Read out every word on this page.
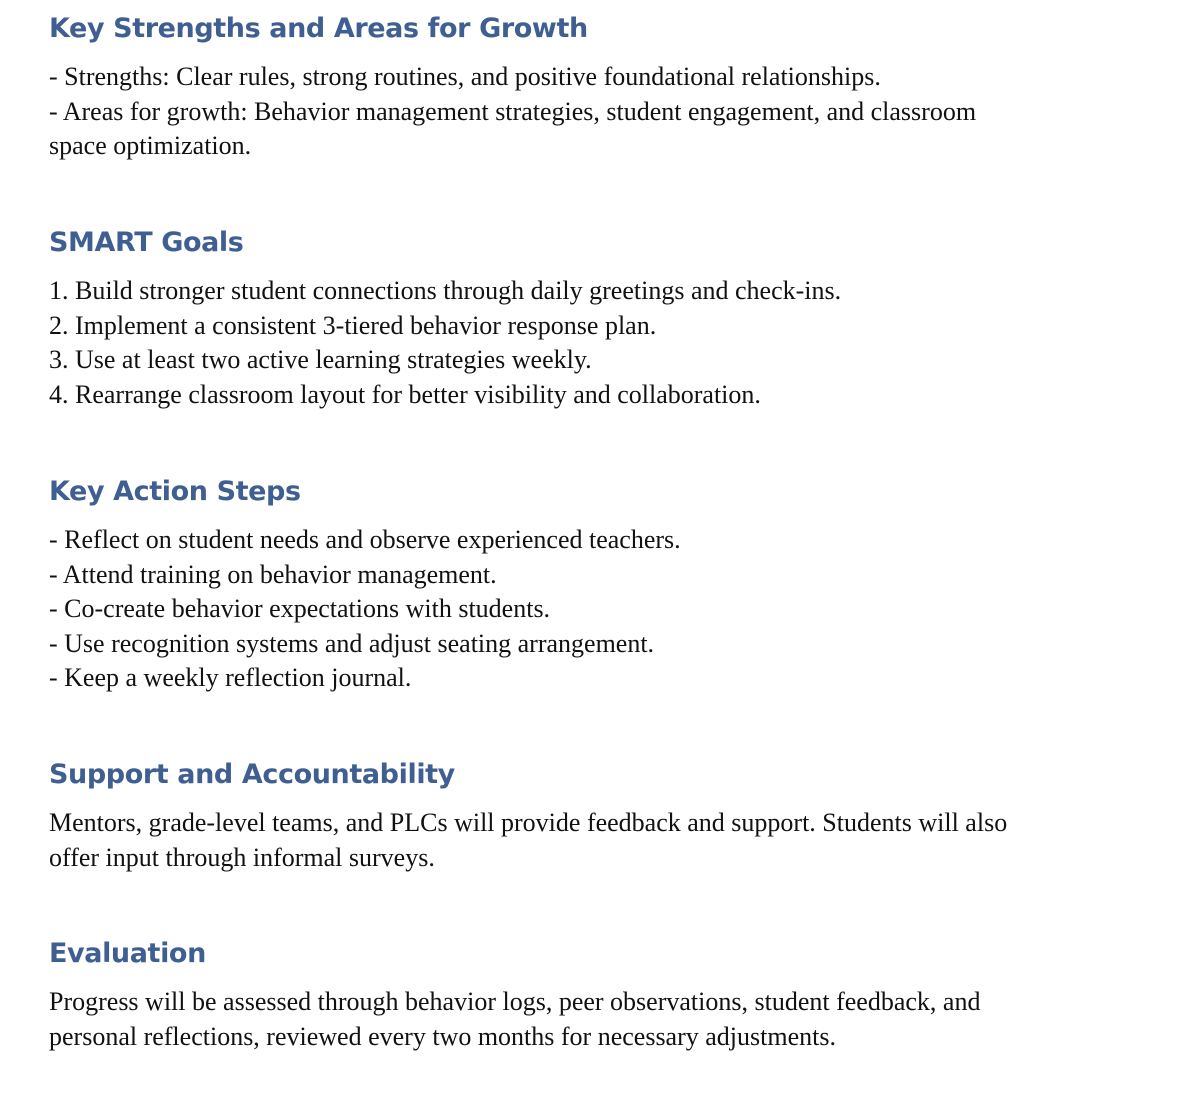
Key Strengths and Areas for Growth
- Strengths: Clear rules, strong routines, and positive foundational relationships.
- Areas for growth: Behavior management strategies, student engagement, and classroom
space optimization.
SMART Goals
1. Build stronger student connections through daily greetings and check-ins.
2. Implement a consistent 3-tiered behavior response plan.
3. Use at least two active learning strategies weekly.
4. Rearrange classroom layout for better visibility and collaboration.
Key Action Steps
- Reflect on student needs and observe experienced teachers.
- Attend training on behavior management.
- Co-create behavior expectations with students.
- Use recognition systems and adjust seating arrangement.
- Keep a weekly reflection journal.
Support and Accountability
Mentors, grade-level teams, and PLCs will provide feedback and support. Students will also
offer input through informal surveys.
Evaluation
Progress will be assessed through behavior logs, peer observations, student feedback, and
personal reflections, reviewed every two months for necessary adjustments.
